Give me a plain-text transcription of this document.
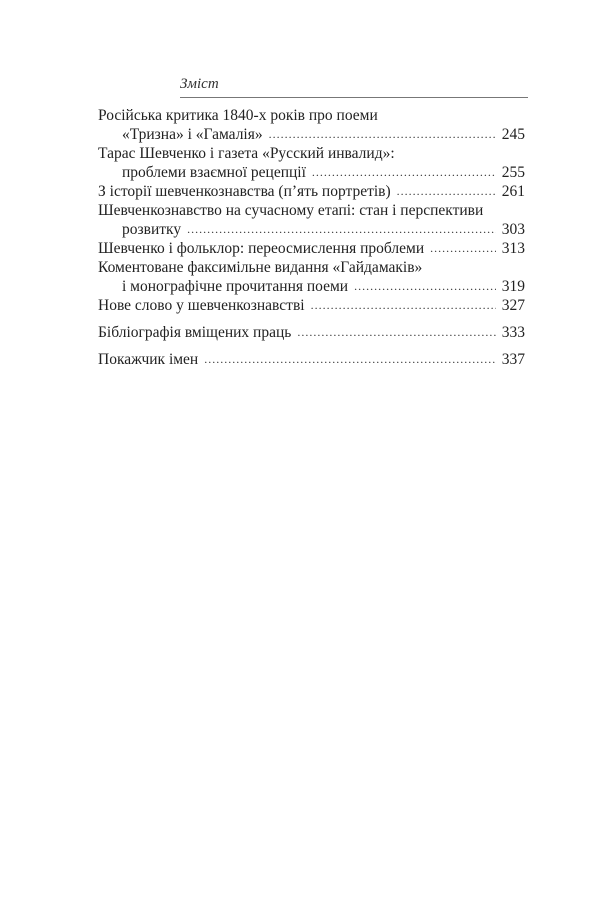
Зміст
Російська критика 1840-х років про поеми
«Тризна» і «Гамалія» .....	245
Тарас Шевченко і газета «Русский инвалид»:
проблеми взаємної рецепції .....	255
З історії шевченкознавства (п’ять портретів) .....	261
Шевченкознавство на сучасному етапі: стан і перспективи
розвитку .....	303
Шевченко і фольклор: переосмислення проблеми .....	313
Коментоване факсимільне видання «Гайдамаків»
і монографічне прочитання поеми .....	319
Нове слово у шевченкознавстві .....	327
Бібліографія вміщених праць .....	333
Покажчик імен .....	337
